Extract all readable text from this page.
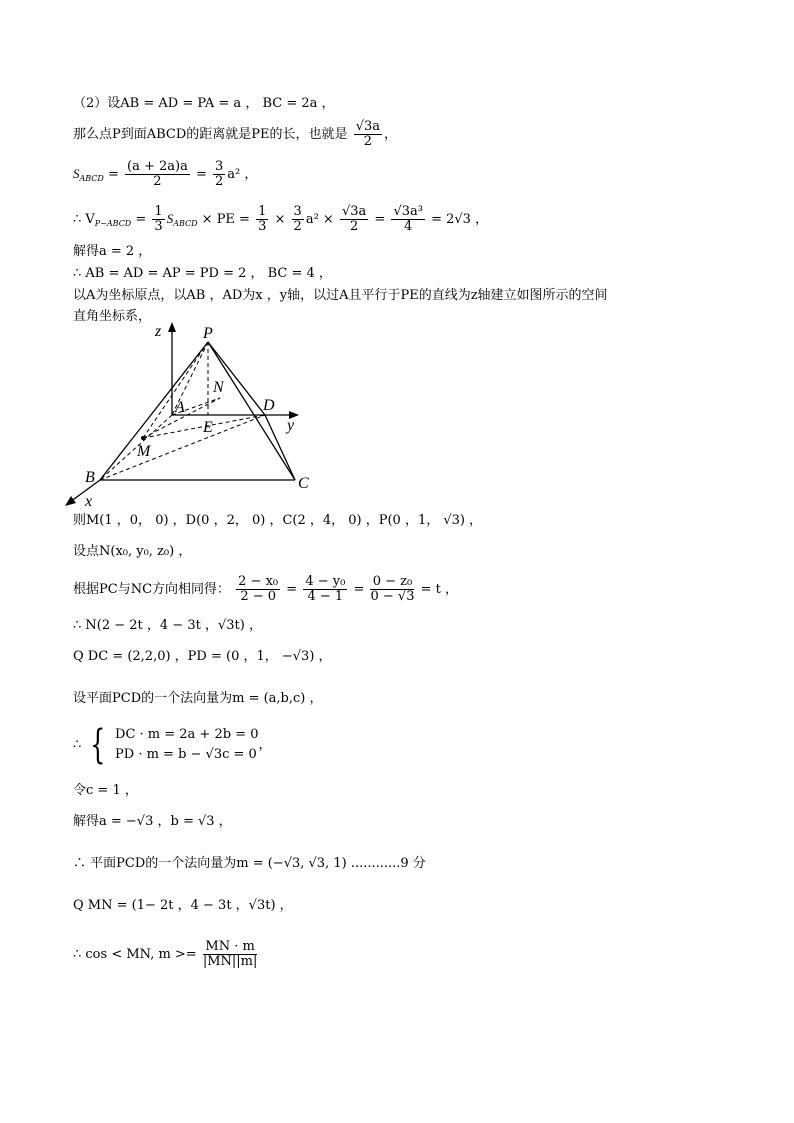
（2）设AB = AD = PA = a ， BC = 2a ，
那么点P到面ABCD的距离就是PE的长，也就是 $\frac{√3a}{2}$ ，
$S_{ABCD} = \frac{(a + 2a)a}{2} = \frac{3}{2} a^2$ ，
∴ $V_{P-ABCD} = \frac{1}{3} S_{ABCD}$ × PE = $\frac{1}{3} \times \frac{3}{2} a^2 \times \frac{√3a}{2} = \frac{\text{√3a³}}{4} = 2√3$ ，
解得a = 2 ，
∴ AB = AD = AP = PD = 2 ， BC = 4 ，
以A为坐标原点，以AB ，AD为x ，y轴，以过A且平行于PE的直线为z轴建立如图所示的空间
直角坐标系，
P
z
N
A	D
y
E
M
B	C
x
则M(1 ，0， 0) ，D(0 ，2， 0) ，C(2 ，4， 0) ，P(0 ，1， √3) ，
设点N(x₀, y₀, z₀) ，
根据PC与NC方向相同得： $\frac{\text{2 − x₀}}{2 - 0} = \frac{\text{4 − y₀}}{4 - 1} = \frac{\text{0 − z₀}}{0 - √3} = t$ ，
∴ N(2 − 2t ，4 − 3t ，√3t) ，
Q DC = (2,2,0) ，PD = (0 ，1， −√3) ，
设平面PCD的一个法向量为m = (a,b,c) ，
∴ { DC · m = 2a + 2b = 0
PD · m = b − √3c = 0
，
令c = 1 ，
解得a = −√3 ，b = √3 ，
∴ 平面PCD的一个法向量为m = (−√3, √3, 1) ............9 分
Q MN = (1− 2t ，4 − 3t ，√3t) ，
∴ cos < MN, $m >= \frac{MN \cdot m}{|MN||m|}$
